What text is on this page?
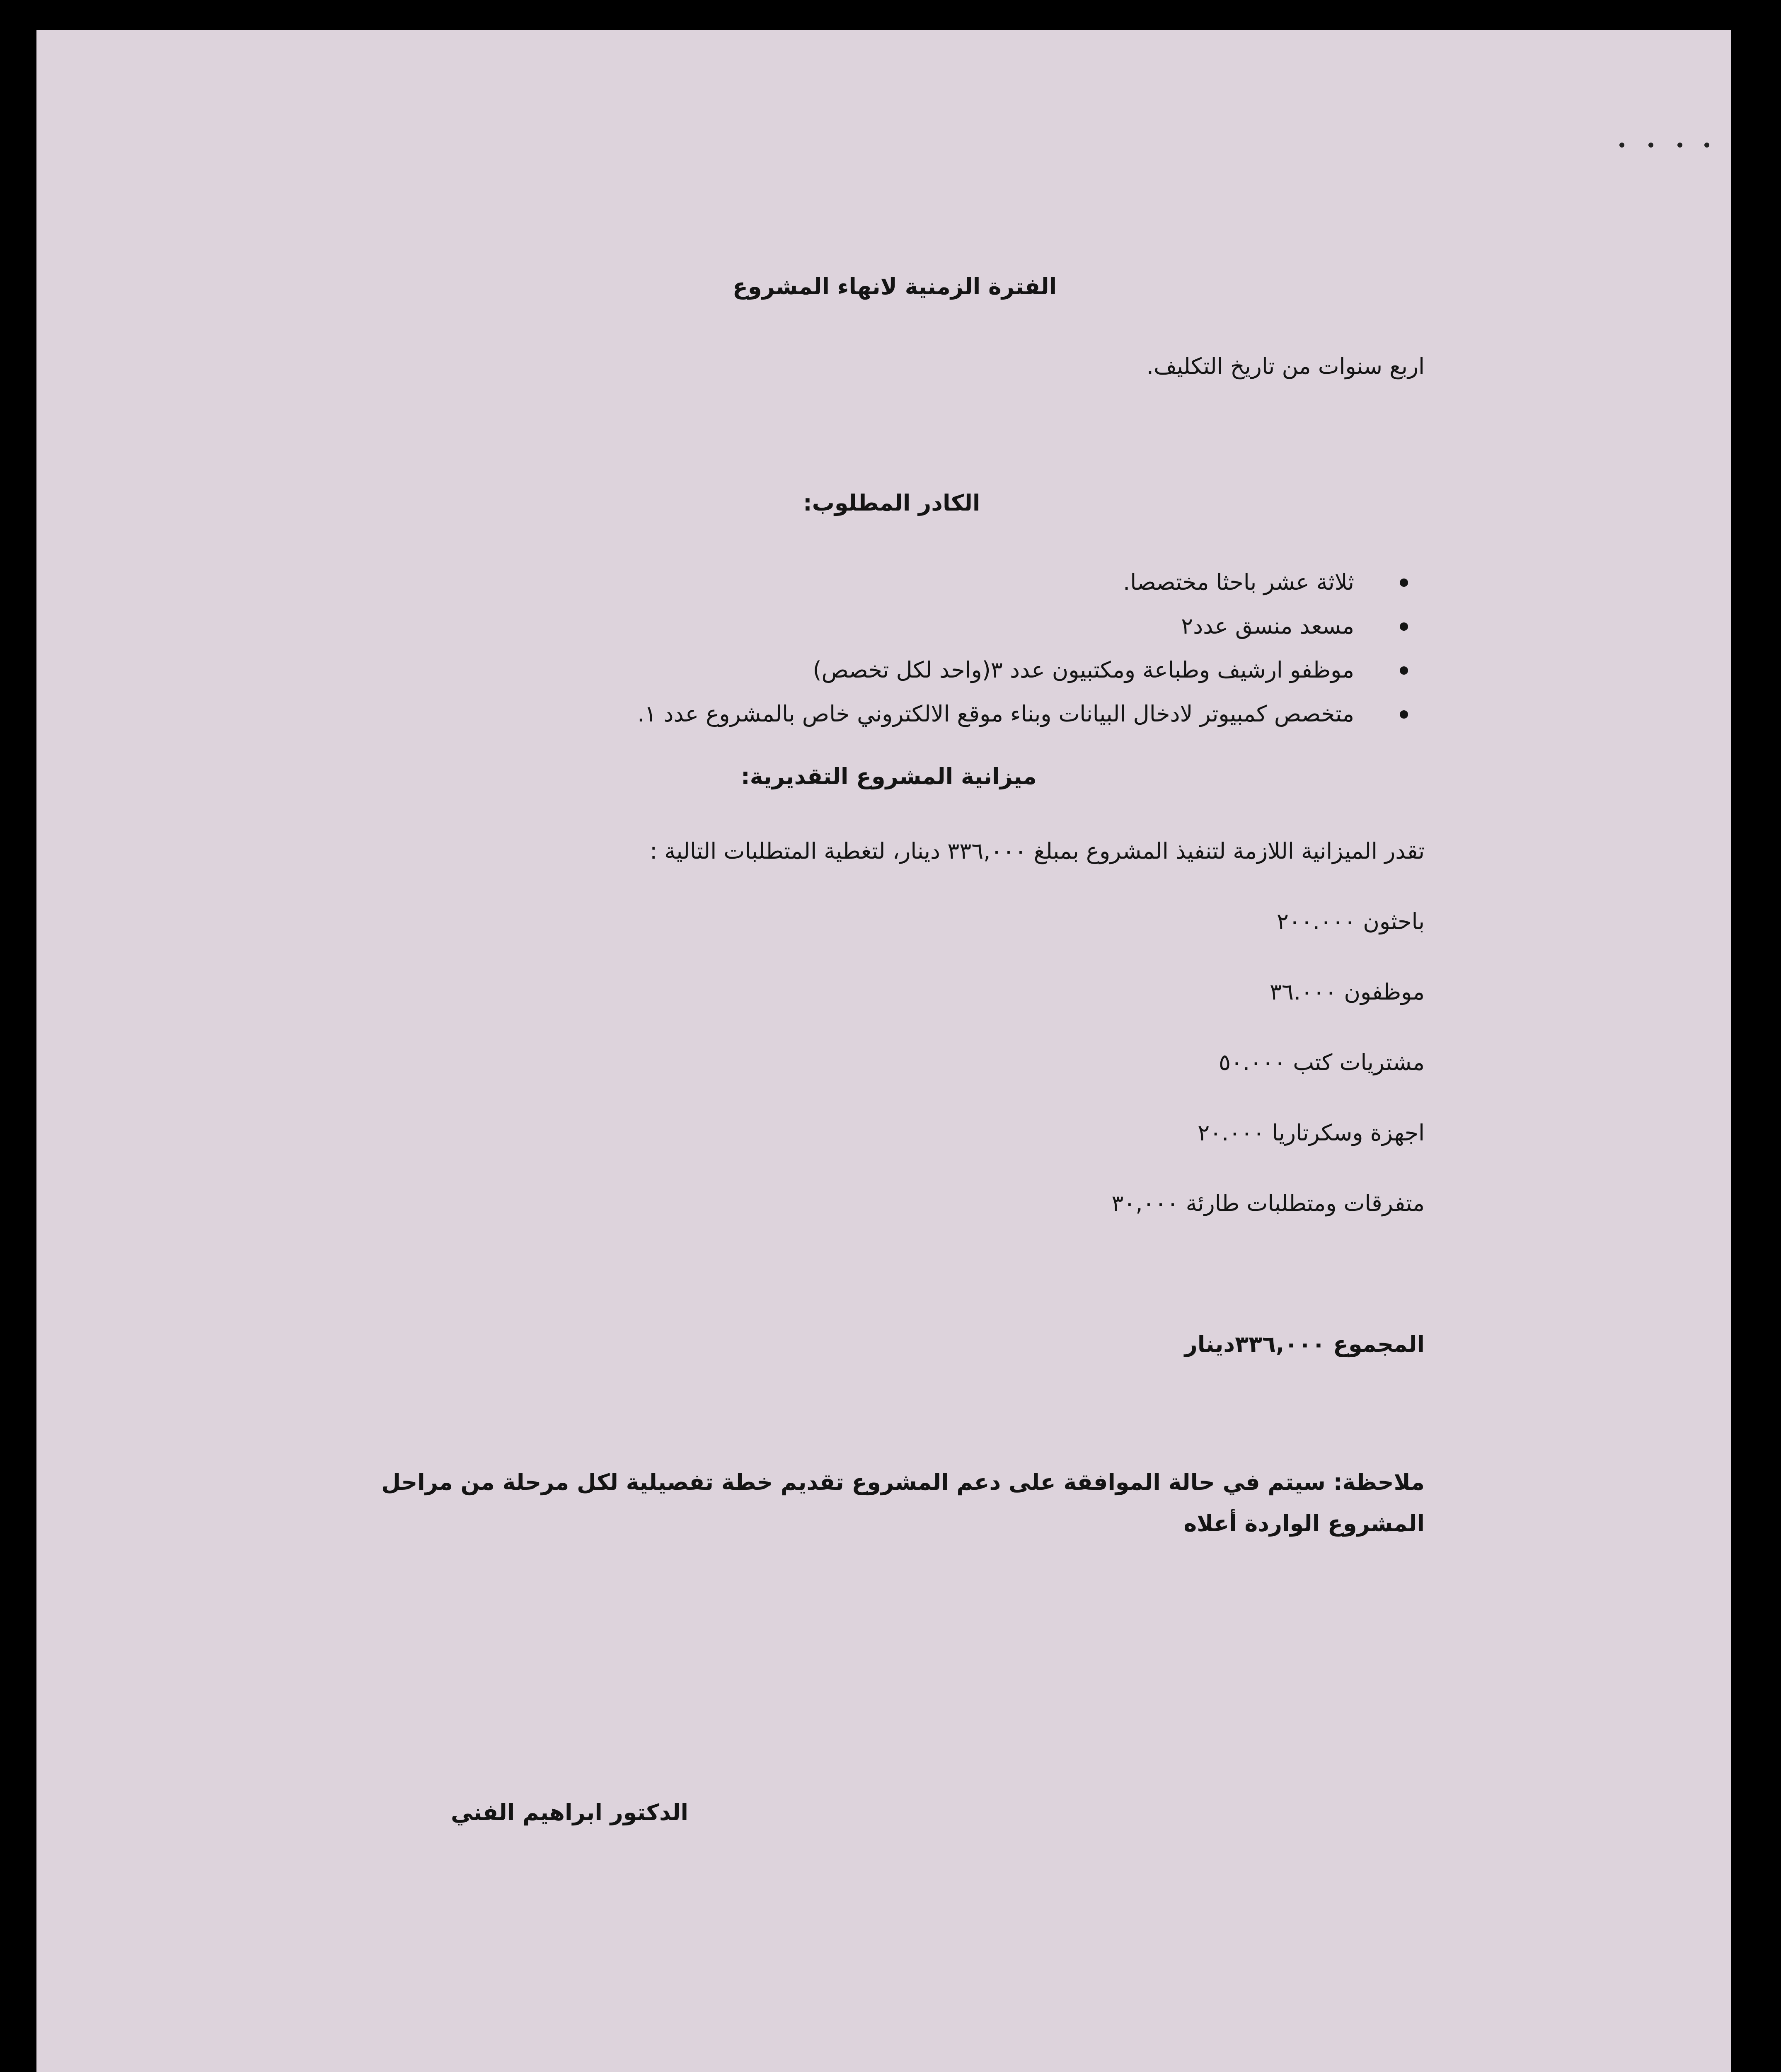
الفترة الزمنية لانهاء المشروع
اربع سنوات من تاريخ التكليف.
الكادر المطلوب:
ثلاثة عشر باحثا مختصصا.
مسعد منسق عدد٢
موظفو ارشيف وطباعة ومكتبيون عدد ٣(واحد لكل تخصص)
متخصص كمبيوتر لادخال البيانات وبناء موقع الالكتروني خاص بالمشروع عدد ١.
ميزانية المشروع التقديرية:
تقدر الميزانية اللازمة لتنفيذ المشروع بمبلغ ٣٣٦,٠٠٠ دينار، لتغطية المتطلبات التالية :
باحثون ٢٠٠.٠٠٠
موظفون ٣٦.٠٠٠
مشتريات كتب ٥٠.٠٠٠
اجهزة وسكرتاريا ٢٠.٠٠٠
متفرقات ومتطلبات طارئة ٣٠,٠٠٠
المجموع ٣٣٦,٠٠٠دينار
ملاحظة: سيتم في حالة الموافقة على دعم المشروع تقديم خطة تفصيلية لكل مرحلة من مراحل المشروع الواردة أعلاه
الدكتور ابراهيم الفني
